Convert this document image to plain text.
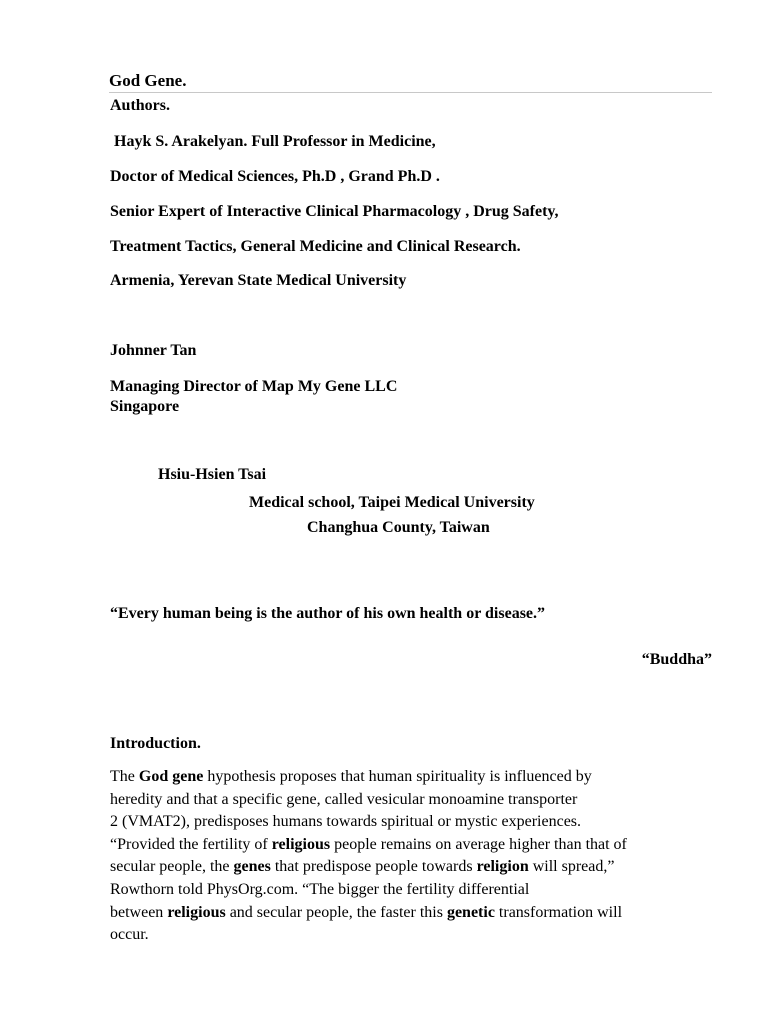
God Gene.
Authors.
Hayk S. Arakelyan. Full Professor in Medicine,
Doctor of Medical Sciences, Ph.D , Grand Ph.D .
Senior Expert of Interactive Clinical Pharmacology , Drug Safety,
Treatment Tactics, General Medicine and Clinical Research.
Armenia, Yerevan State Medical University
Johnner Tan
Managing Director of Map My Gene LLC
Singapore
Hsiu-Hsien Tsai
Medical school, Taipei Medical University
Changhua County, Taiwan
“Every human being is the author of his own health or disease.”
“Buddha”
Introduction.
The God gene hypothesis proposes that human spirituality is influenced by
heredity and that a specific gene, called vesicular monoamine transporter
2 (VMAT2), predisposes humans towards spiritual or mystic experiences.
“Provided the fertility of religious people remains on average higher than that of
secular people, the genes that predispose people towards religion will spread,”
Rowthorn told PhysOrg.com. “The bigger the fertility differential
between religious and secular people, the faster this genetic transformation will
occur.
